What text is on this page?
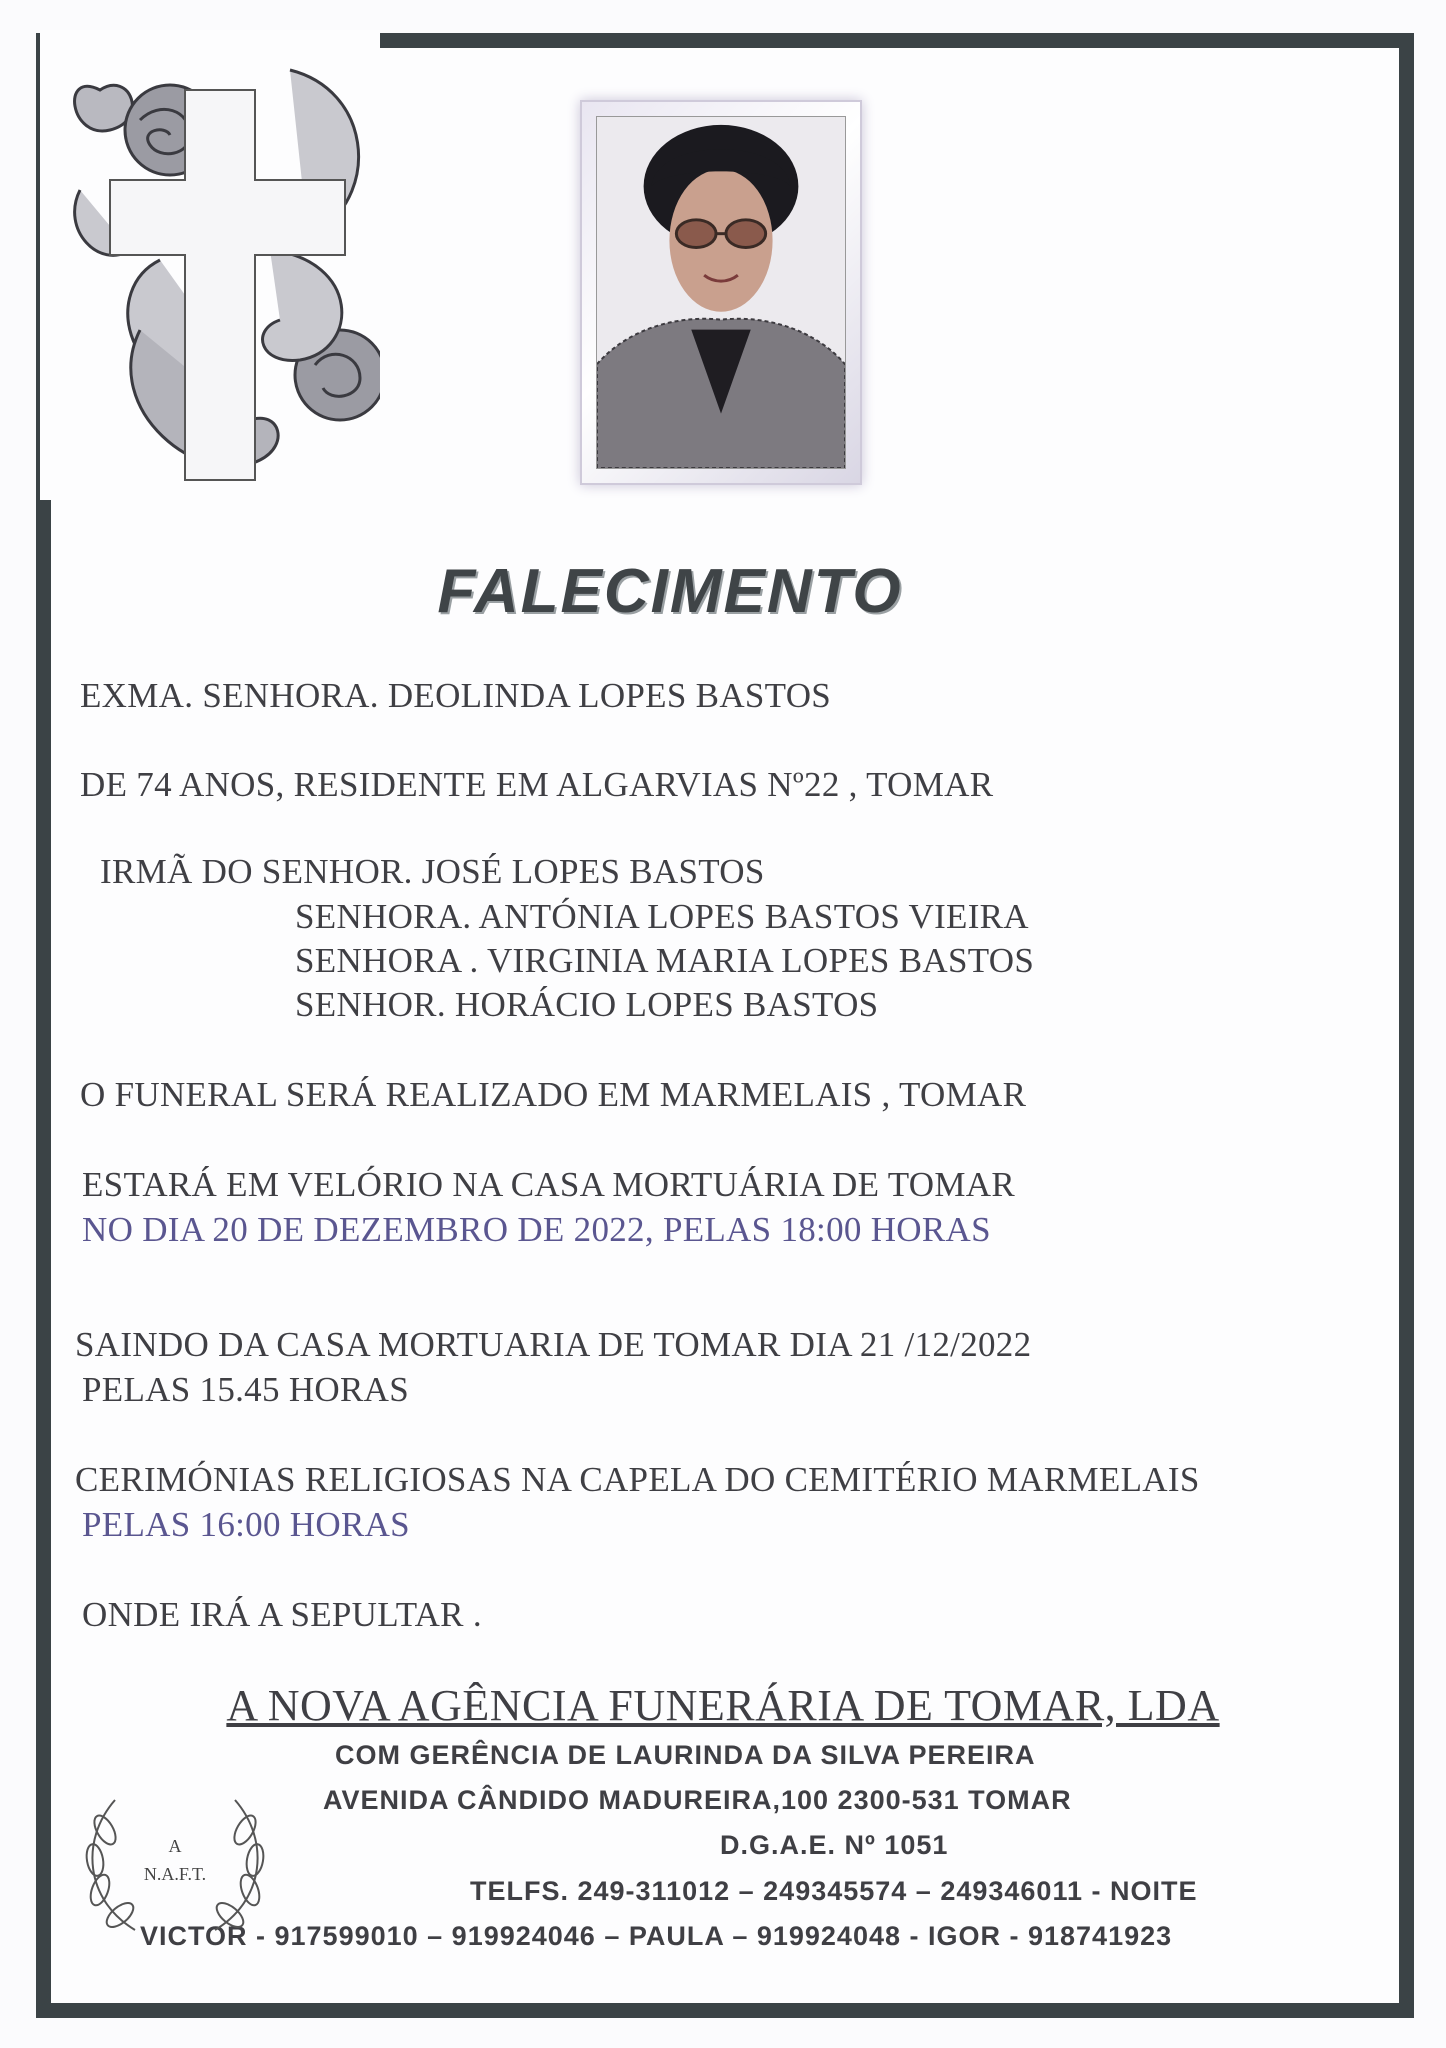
FALECIMENTO
EXMA. SENHORA. DEOLINDA LOPES BASTOS
DE 74 ANOS, RESIDENTE EM ALGARVIAS Nº22 , TOMAR
IRMÃ DO SENHOR. JOSÉ LOPES BASTOS
SENHORA. ANTÓNIA LOPES BASTOS VIEIRA
SENHORA . VIRGINIA MARIA LOPES BASTOS
SENHOR. HORÁCIO LOPES BASTOS
O FUNERAL SERÁ REALIZADO EM MARMELAIS , TOMAR
ESTARÁ EM VELÓRIO NA CASA MORTUÁRIA DE TOMAR
NO DIA 20 DE DEZEMBRO DE 2022, PELAS 18:00 HORAS
SAINDO DA CASA MORTUARIA DE TOMAR DIA 21 /12/2022
PELAS 15.45 HORAS
CERIMÓNIAS RELIGIOSAS NA CAPELA DO CEMITÉRIO MARMELAIS
PELAS 16:00 HORAS
ONDE IRÁ A SEPULTAR .
A NOVA AGÊNCIA FUNERÁRIA DE TOMAR, LDA
COM GERÊNCIA DE LAURINDA DA SILVA PEREIRA
AVENIDA CÂNDIDO MADUREIRA,100 2300-531 TOMAR
D.G.A.E. Nº 1051
TELFS. 249-311012 – 249345574 – 249346011 - NOITE
VICTOR - 917599010 – 919924046 – PAULA – 919924048 - IGOR - 918741923
A
N.A.F.T.
